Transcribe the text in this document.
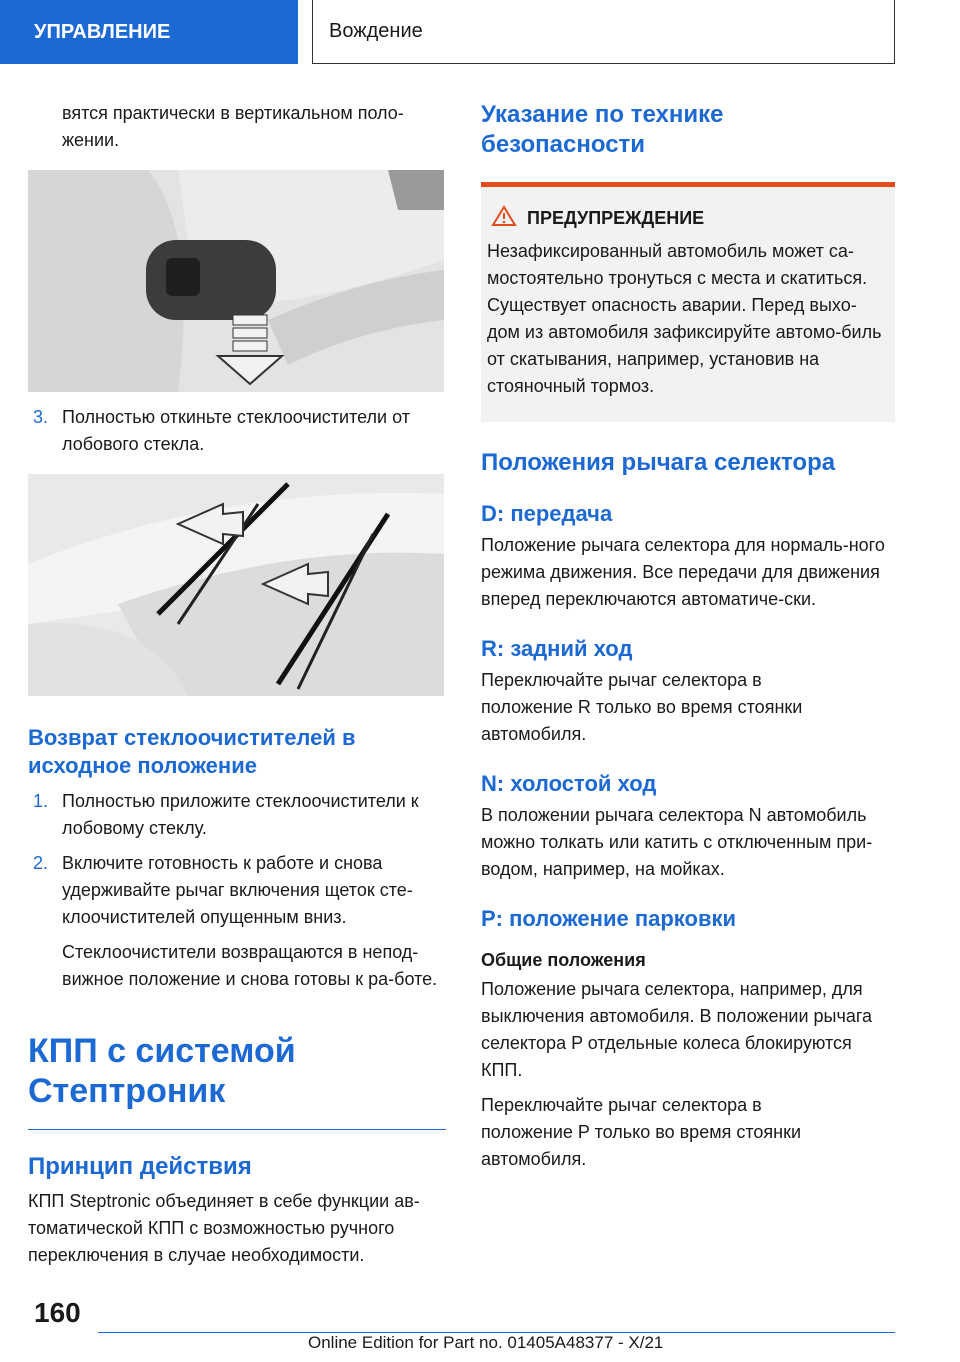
УПРАВЛЕНИЕ	Вождение

вятся практически в вертикальном поло-
жении.

3. Полностью откиньте стеклоочистители от лобового стекла.
Возврат стеклоочистителей в исходное положение
1. Полностью приложите стеклоочистители к лобовому стеклу.
2. Включите готовность к работе и снова удерживайте рычаг включения щеток сте-клоочистителей опущенным вниз.

Стеклоочистители возвращаются в непод-вижное положение и снова готовы к ра-боте.

КПП с системой Стептроник
Принцип действия

КПП Steptronic объединяет в себе функции ав-томатической КПП с возможностью ручного переключения в случае необходимости.

Указание по технике безопасности
ПРЕДУПРЕЖДЕНИЕ

Незафиксированный автомобиль может са-мостоятельно тронуться с места и скатиться. Существует опасность аварии. Перед выхо-дом из автомобиля зафиксируйте автомо-биль от скатывания, например, установив на стояночный тормоз.

Положения рычага селектора
D: передача

Положение рычага селектора для нормаль-ного режима движения. Все передачи для движения вперед переключаются автоматиче-ски.

R: задний ход

Переключайте рычаг селектора в положение R только во время стоянки автомобиля.

N: холостой ход

В положении рычага селектора N автомобиль можно толкать или катить с отключенным при-водом, например, на мойках.

P: положение парковки
Общие положения

Положение рычага селектора, например, для выключения автомобиля. В положении рычага селектора P отдельные колеса блокируются КПП.

Переключайте рычаг селектора в положение P только во время стоянки автомобиля.

160
Online Edition for Part no. 01405A48377 - X/21
